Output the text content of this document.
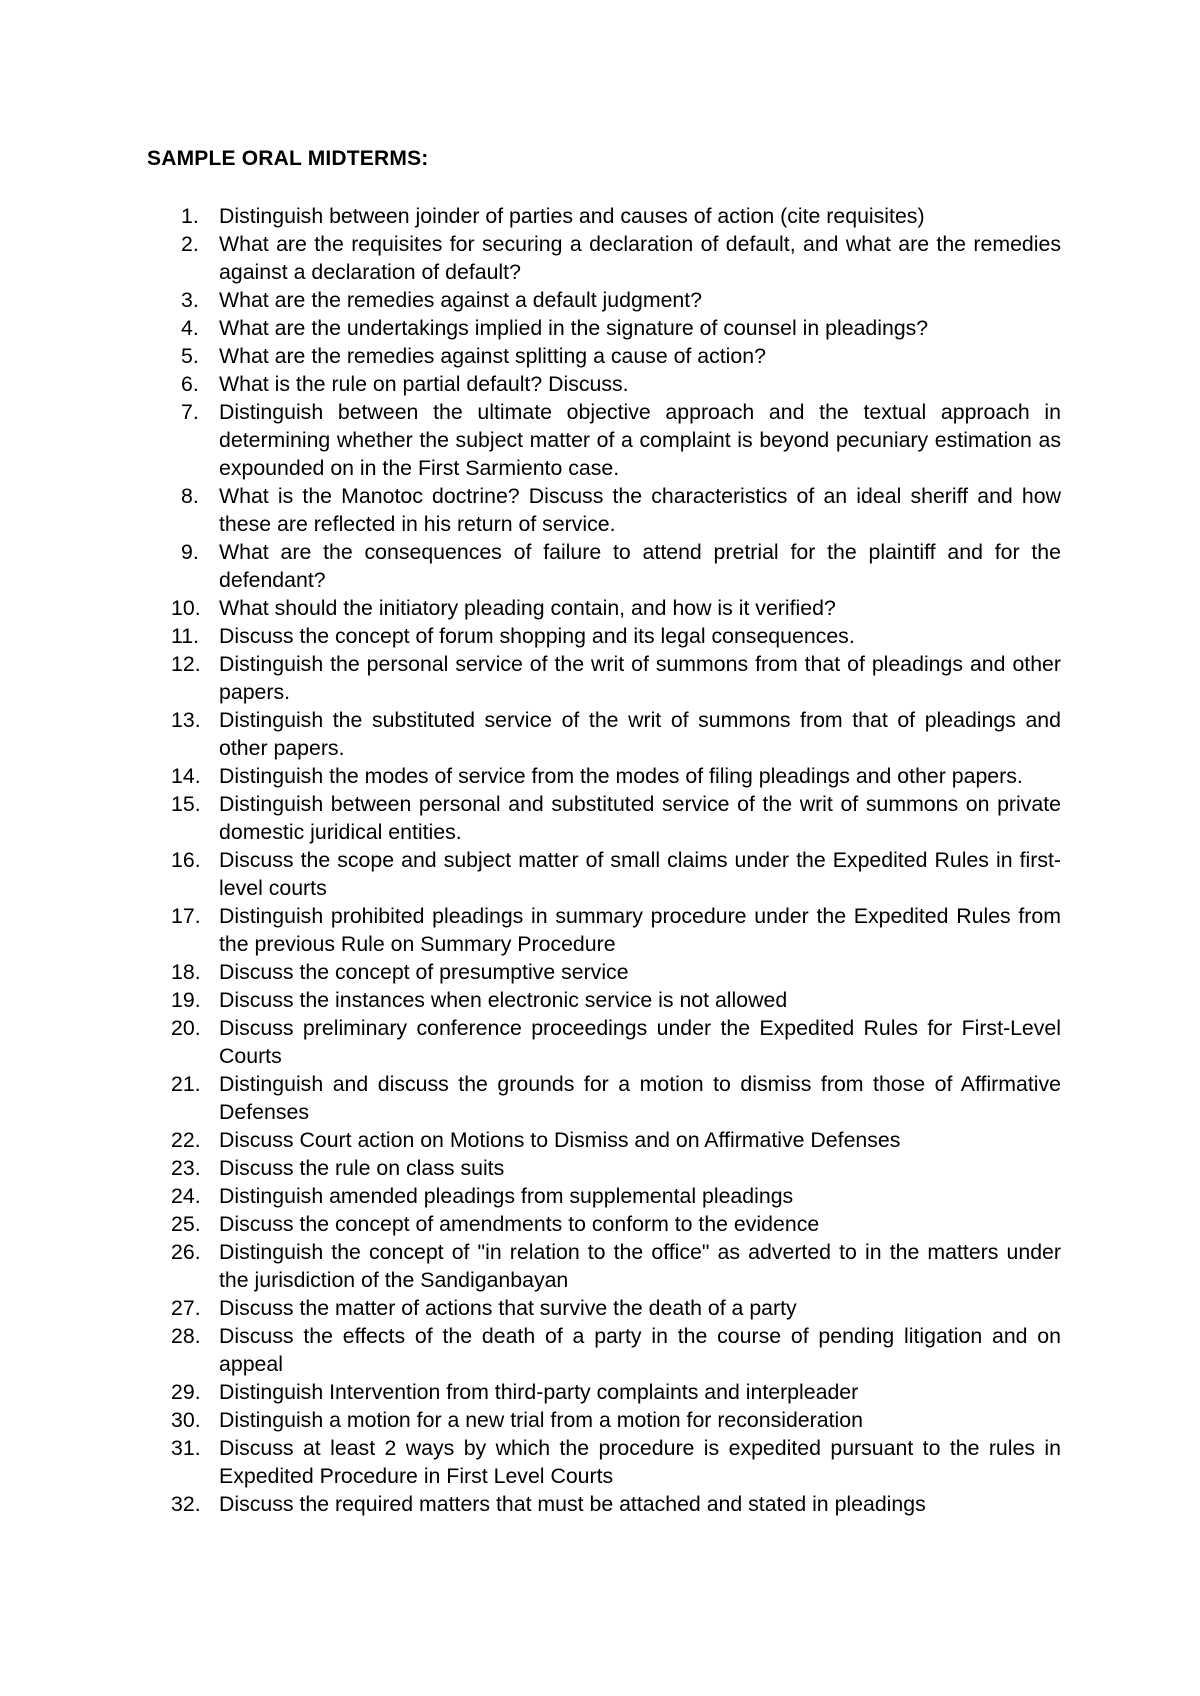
SAMPLE ORAL MIDTERMS:
1. Distinguish between joinder of parties and causes of action (cite requisites)
2. What are the requisites for securing a declaration of default, and what are the remedies against a declaration of default?
3. What are the remedies against a default judgment?
4. What are the undertakings implied in the signature of counsel in pleadings?
5. What are the remedies against splitting a cause of action?
6. What is the rule on partial default? Discuss.
7. Distinguish between the ultimate objective approach and the textual approach in determining whether the subject matter of a complaint is beyond pecuniary estimation as expounded on in the First Sarmiento case.
8. What is the Manotoc doctrine? Discuss the characteristics of an ideal sheriff and how these are reflected in his return of service.
9. What are the consequences of failure to attend pretrial for the plaintiff and for the defendant?
10. What should the initiatory pleading contain, and how is it verified?
11. Discuss the concept of forum shopping and its legal consequences.
12. Distinguish the personal service of the writ of summons from that of pleadings and other papers.
13. Distinguish the substituted service of the writ of summons from that of pleadings and other papers.
14. Distinguish the modes of service from the modes of filing pleadings and other papers.
15. Distinguish between personal and substituted service of the writ of summons on private domestic juridical entities.
16. Discuss the scope and subject matter of small claims under the Expedited Rules in first-level courts
17. Distinguish prohibited pleadings in summary procedure under the Expedited Rules from the previous Rule on Summary Procedure
18. Discuss the concept of presumptive service
19. Discuss the instances when electronic service is not allowed
20. Discuss preliminary conference proceedings under the Expedited Rules for First-Level Courts
21. Distinguish and discuss the grounds for a motion to dismiss from those of Affirmative Defenses
22. Discuss Court action on Motions to Dismiss and on Affirmative Defenses
23. Discuss the rule on class suits
24. Distinguish amended pleadings from supplemental pleadings
25. Discuss the concept of amendments to conform to the evidence
26. Distinguish the concept of "in relation to the office" as adverted to in the matters under the jurisdiction of the Sandiganbayan
27. Discuss the matter of actions that survive the death of a party
28. Discuss the effects of the death of a party in the course of pending litigation and on appeal
29. Distinguish Intervention from third-party complaints and interpleader
30. Distinguish a motion for a new trial from a motion for reconsideration
31. Discuss at least 2 ways by which the procedure is expedited pursuant to the rules in Expedited Procedure in First Level Courts
32. Discuss the required matters that must be attached and stated in pleadings
